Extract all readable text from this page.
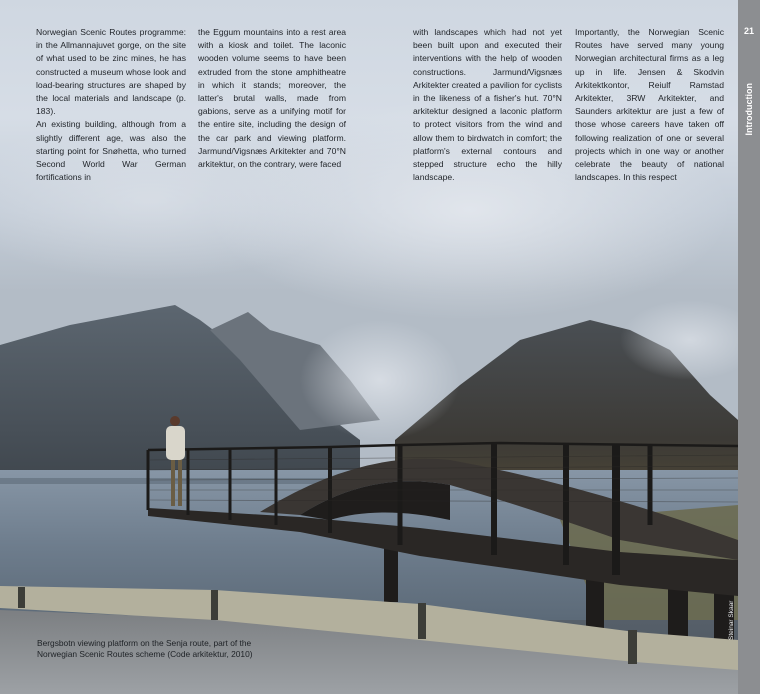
Norwegian Scenic Routes programme: in the Allmannajuvet gorge, on the site of what used to be zinc mines, he has constructed a museum whose look and load-bearing structures are shaped by the local materials and landscape (p. 183).

An existing building, although from a slightly different age, was also the starting point for Snøhetta, who turned Second World War German fortifications in

the Eggum mountains into a rest area with a kiosk and toilet. The laconic wooden volume seems to have been extruded from the stone amphitheatre in which it stands; moreover, the latter's brutal walls, made from gabions, serve as a unifying motif for the entire site, including the design of the car park and viewing platform. Jarmund/Vigsnæs Arkitekter and 70°N arkitektur, on the contrary, were faced

with landscapes which had not yet been built upon and executed their interventions with the help of wooden constructions. Jarmund/Vigsnæs Arkitekter created a pavilion for cyclists in the likeness of a fisher's hut. 70°N arkitektur designed a laconic platform to protect visitors from the wind and allow them to birdwatch in comfort; the platform's external contours and stepped structure echo the hilly landscape.

Importantly, the Norwegian Scenic Routes have served many young Norwegian architectural firms as a leg up in life. Jensen & Skodvin Arkitektkontor, Reiulf Ramstad Arkitekter, 3RW Arkitekter, and Saunders arkitektur are just a few of those whose careers have taken off following realization of one or several projects which in one way or another celebrate the beauty of national landscapes. In this respect

21
Introduction

Bergsbotn viewing platform on the Senja route, part of the Norwegian Scenic Routes scheme (Code arkitektur, 2010)

Steinar Skaar
